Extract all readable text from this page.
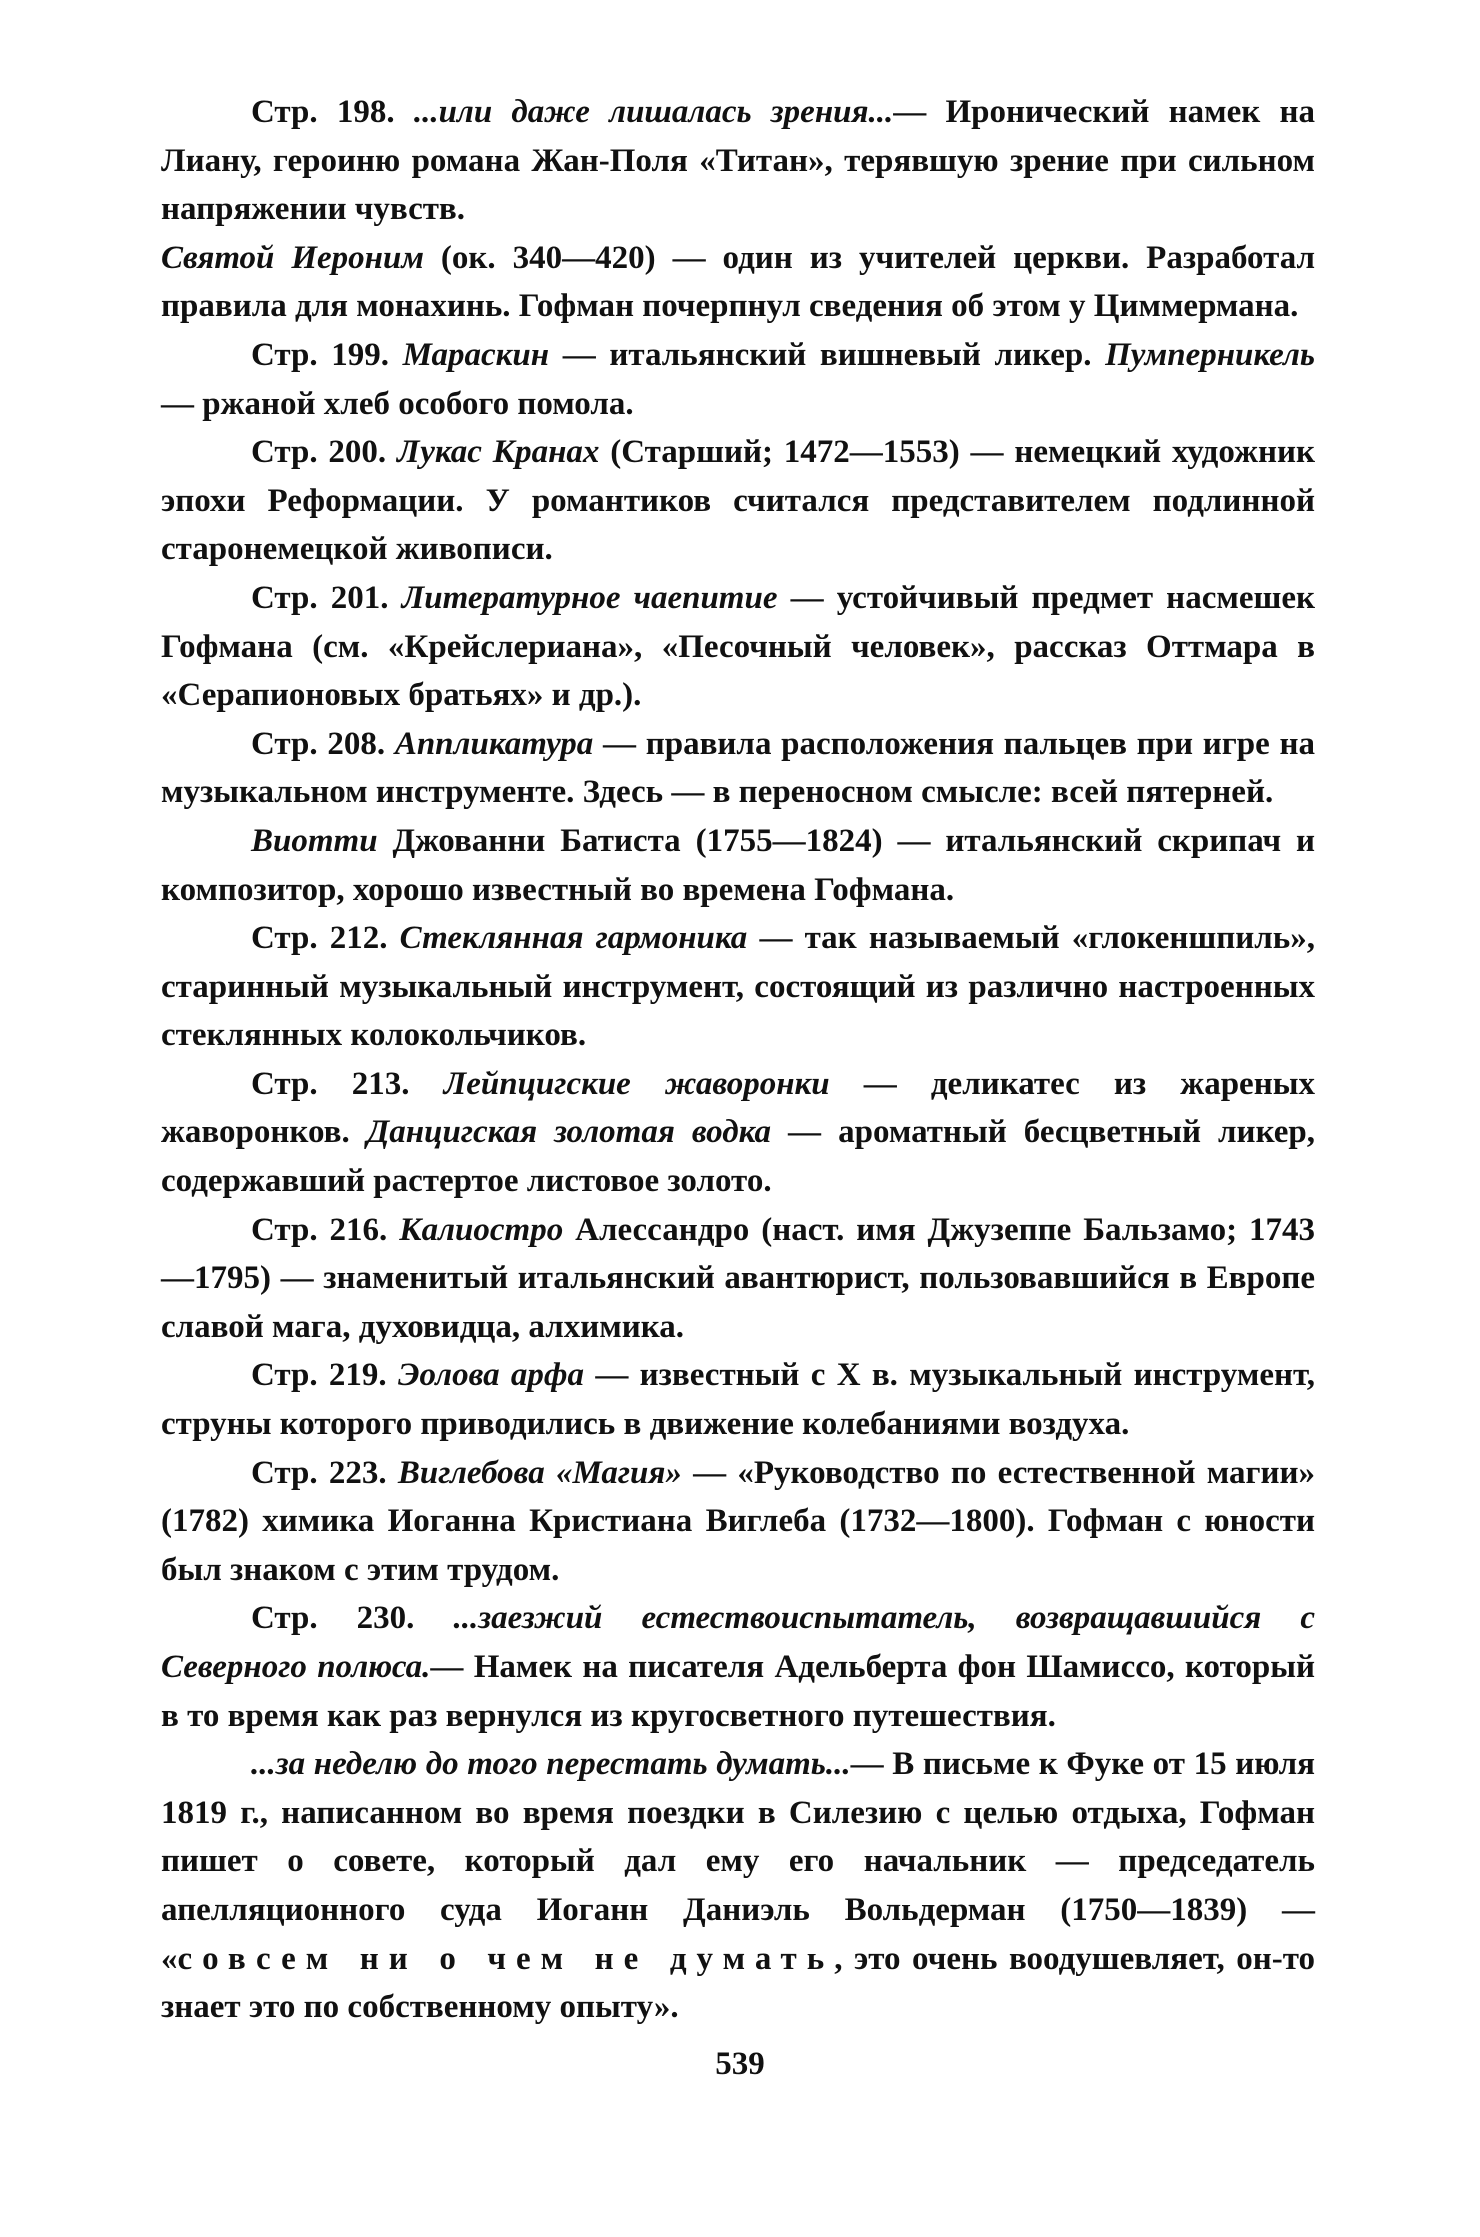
Стр. 198. ...или даже лишалась зрения...— Иронический намек на Лиану, героиню романа Жан-Поля «Титан», терявшую зрение при сильном напряжении чувств.

Святой Иероним (ок. 340—420) — один из учителей церкви. Разработал правила для монахинь. Гофман почерпнул сведения об этом у Циммермана.

Стр. 199. Мараскин — итальянский вишневый ликер. Пумперникель — ржаной хлеб особого помола.

Стр. 200. Лукас Кранах (Старший; 1472—1553) — немецкий художник эпохи Реформации. У романтиков считался представителем подлинной старонемецкой живописи.

Стр. 201. Литературное чаепитие — устойчивый предмет насмешек Гофмана (см. «Крейслериана», «Песочный человек», рассказ Оттмара в «Серапионовых братьях» и др.).

Стр. 208. Аппликатура — правила расположения пальцев при игре на музыкальном инструменте. Здесь — в переносном смысле: всей пятерней.

Виотти Джованни Батиста (1755—1824) — итальянский скрипач и композитор, хорошо известный во времена Гофмана.

Стр. 212. Стеклянная гармоника — так называемый «глокеншпиль», старинный музыкальный инструмент, состоящий из различно настроенных стеклянных колокольчиков.

Стр. 213. Лейпцигские жаворонки — деликатес из жареных жаворонков. Данцигская золотая водка — ароматный бесцветный ликер, содержавший растертое листовое золото.

Стр. 216. Калиостро Алессандро (наст. имя Джузеппе Бальзамо; 1743—1795) — знаменитый итальянский авантюрист, пользовавшийся в Европе славой мага, духовидца, алхимика.

Стр. 219. Эолова арфа — известный с X в. музыкальный инструмент, струны которого приводились в движение колебаниями воздуха.

Стр. 223. Виглебова «Магия» — «Руководство по естественной магии» (1782) химика Иоганна Кристиана Виглеба (1732—1800). Гофман с юности был знаком с этим трудом.

Стр. 230. ...заезжий естествоиспытатель, возвращавшийся с Северного полюса.— Намек на писателя Адельберта фон Шамиссо, который в то время как раз вернулся из кругосветного путешествия.

...за неделю до того перестать думать...— В письме к Фуке от 15 июля 1819 г., написанном во время поездки в Силезию с целью отдыха, Гофман пишет о совете, который дал ему его начальник — председатель апелляционного суда Иоганн Даниэль Вольдерман (1750—1839) — «совсем ни о чем не думать, это очень воодушевляет, он-то знает это по собственному опыту».

539
